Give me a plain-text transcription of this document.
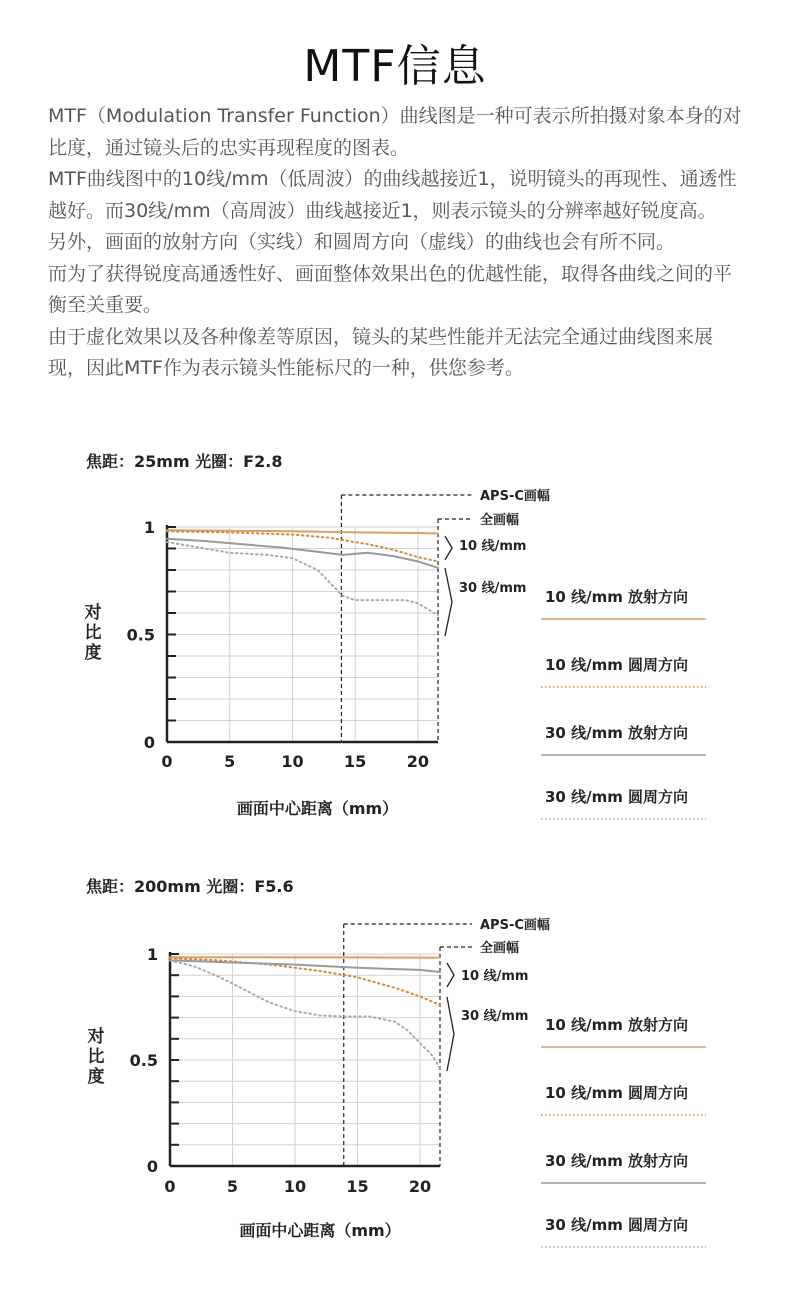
MTF信息

MTF（Modulation Transfer Function）曲线图是一种可表示所拍摄对象本身的对比度，通过镜头后的忠实再现程度的图表。

MTF曲线图中的10线/mm（低周波）的曲线越接近1，说明镜头的再现性、通透性越好。而30线/mm（高周波）曲线越接近1，则表示镜头的分辨率越好锐度高。

另外，画面的放射方向（实线）和圆周方向（虚线）的曲线也会有所不同。

而为了获得锐度高通透性好、画面整体效果出色的优越性能，取得各曲线之间的平衡至关重要。

由于虚化效果以及各种像差等原因，镜头的某些性能并无法完全通过曲线图来展现，因此MTF作为表示镜头性能标尺的一种，供您参考。

焦距：25mm 光圈：F2.8
0
0.5
1
0	5	10	15	20
对
比
度
画面中心距离（mm）
APS-C画幅
全画幅
10 线/mm
30 线/mm 10 线/mm 放射方向
10 线/mm 圆周方向
30 线/mm 放射方向
30 线/mm 圆周方向
焦距：200mm 光圈：F5.6
0
0.5
1
0	5	10	15	20
对
比
度
画面中心距离（mm）
APS-C画幅
全画幅
10 线/mm
30 线/mm 10 线/mm 放射方向
10 线/mm 圆周方向
30 线/mm 放射方向
30 线/mm 圆周方向
